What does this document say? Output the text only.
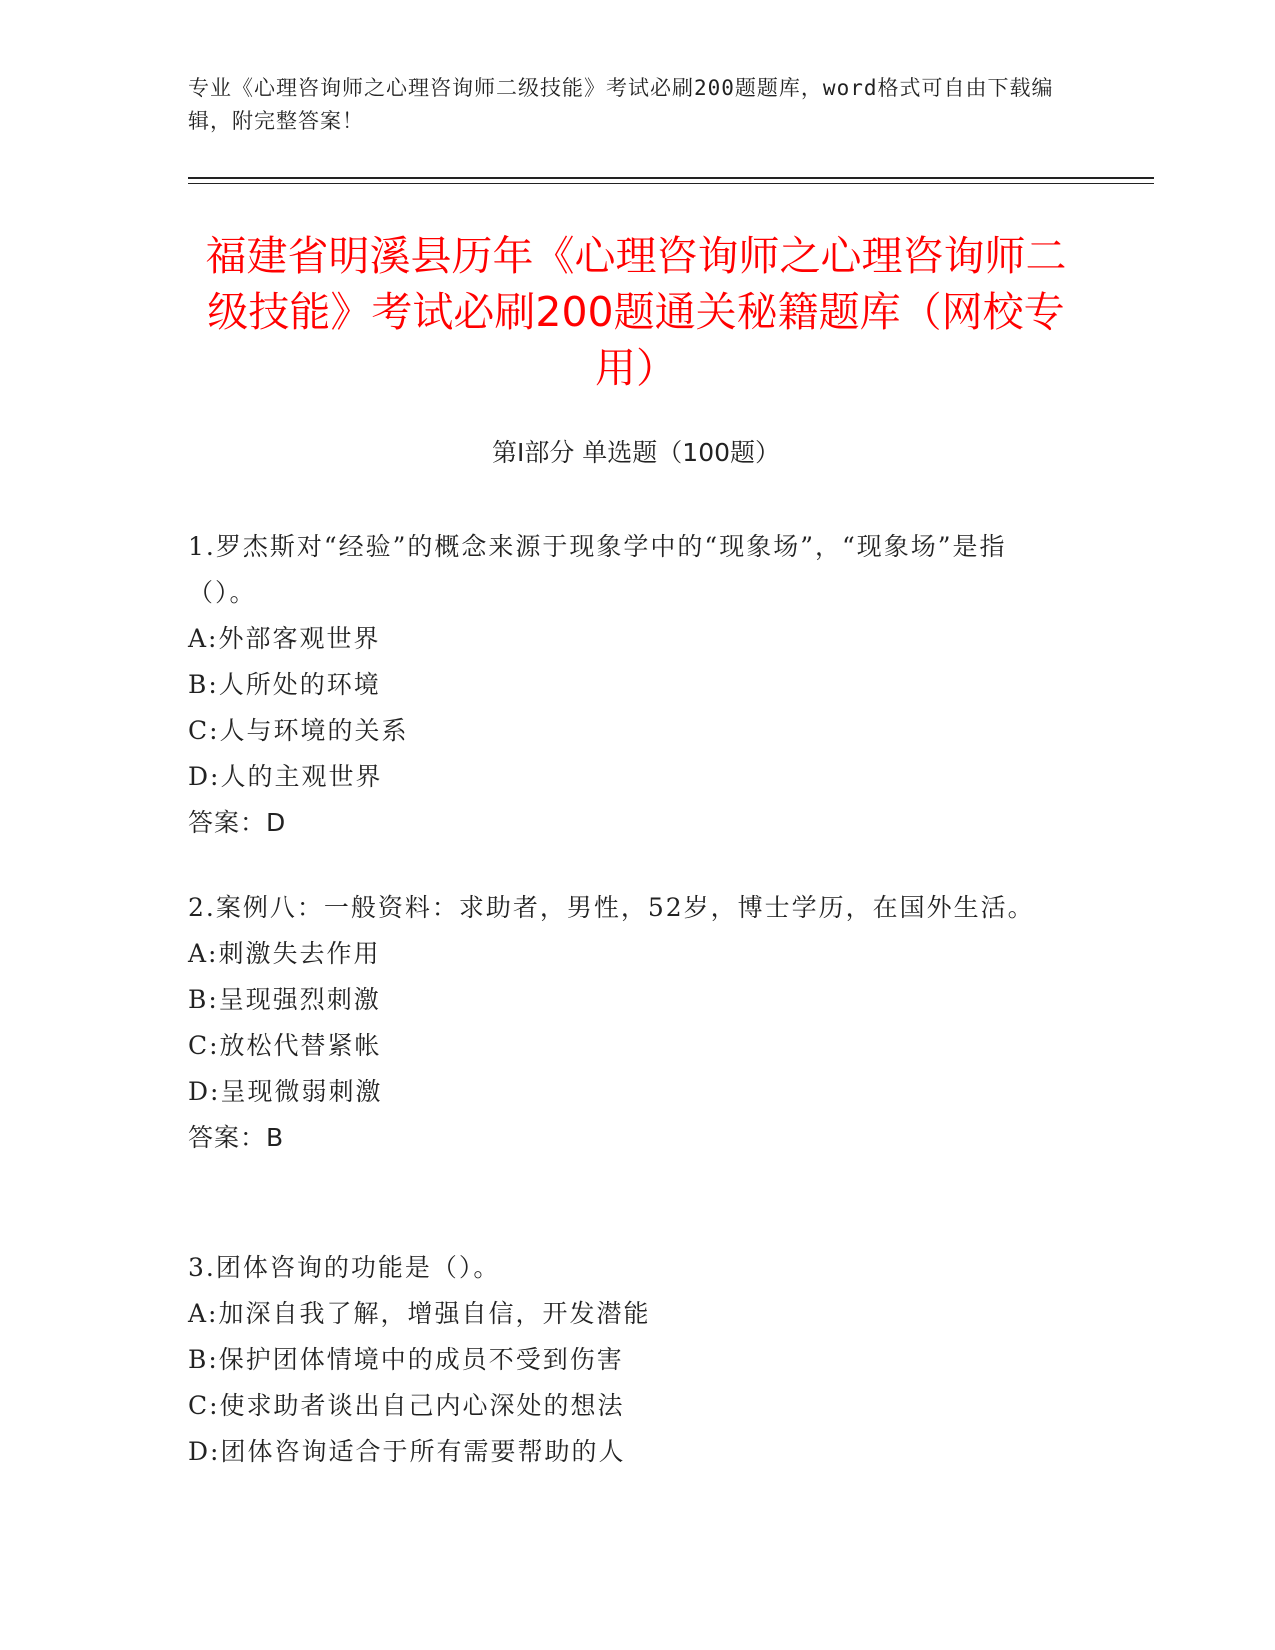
专业《心理咨询师之心理咨询师二级技能》考试必刷200题题库，word格式可自由下载编辑，附完整答案！
福建省明溪县历年《心理咨询师之心理咨询师二级技能》考试必刷200题通关秘籍题库（网校专用）
第Ⅰ部分 单选题（100题）

1.罗杰斯对“经验”的概念来源于现象学中的“现象场”，“现象场”是指（）。

A:外部客观世界

B:人所处的环境

C:人与环境的关系

D:人的主观世界

答案：D

2.案例八：一般资料：求助者，男性，52岁，博士学历，在国外生活。

A:刺激失去作用

B:呈现强烈刺激

C:放松代替紧帐

D:呈现微弱刺激

答案：B

3.团体咨询的功能是（）。

A:加深自我了解，增强自信，开发潜能

B:保护团体情境中的成员不受到伤害

C:使求助者谈出自己内心深处的想法

D:团体咨询适合于所有需要帮助的人
